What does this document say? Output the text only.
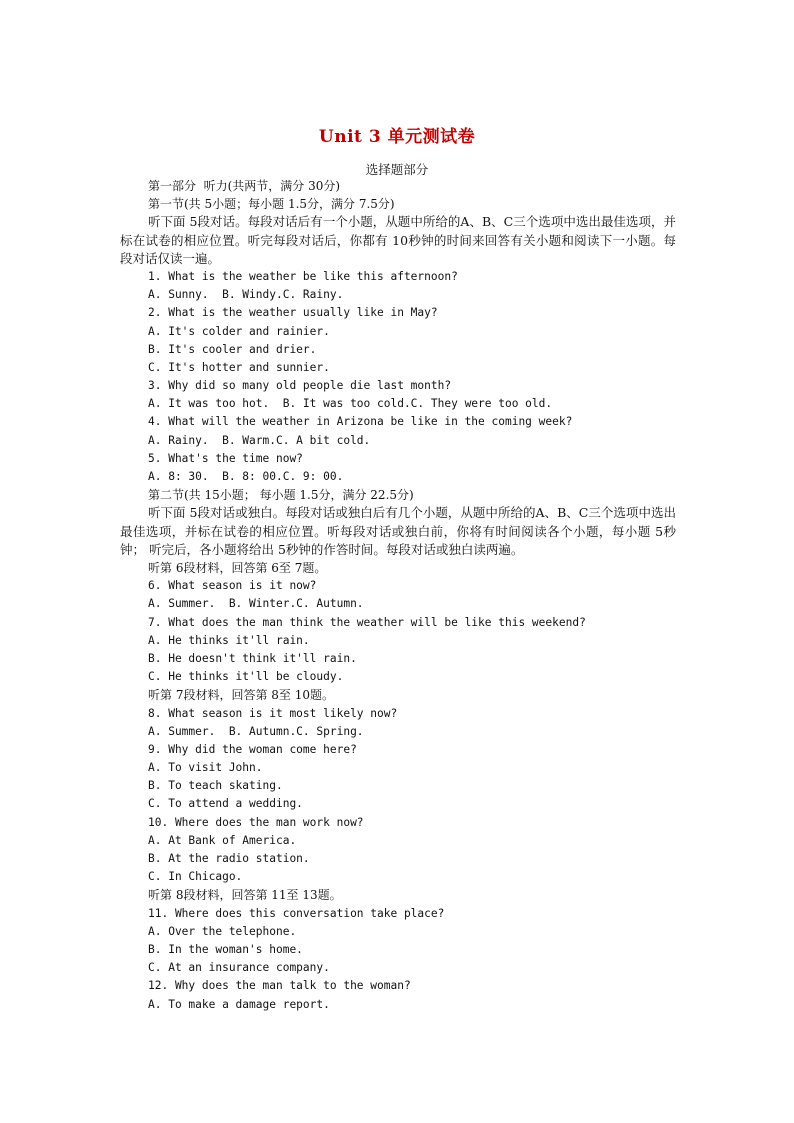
Unit 3 单元测试卷
选择题部分
第一部分  听力(共两节，满分 30分)
第一节(共 5小题；每小题 1.5分，满分 7.5分)
听下面 5段对话。每段对话后有一个小题，从题中所给的A、B、C三个选项中选出最佳选项，并标在试卷的相应位置。听完每段对话后，你都有 10秒钟的时间来回答有关小题和阅读下一小题。每段对话仅读一遍。
1. What is the weather be like this afternoon?
A. Sunny.  B. Windy.C. Rainy.
2. What is the weather usually like in May?
A. It's colder and rainier.
B. It's cooler and drier.
C. It's hotter and sunnier.
3. Why did so many old people die last month?
A. It was too hot.  B. It was too cold.C. They were too old.
4. What will the weather in Arizona be like in the coming week?
A. Rainy.  B. Warm.C. A bit cold.
5. What's the time now?
A. 8: 30.  B. 8: 00.C. 9: 00.
第二节(共 15小题； 每小题 1.5分，满分 22.5分)
听下面 5段对话或独白。每段对话或独白后有几个小题，从题中所给的A、B、C三个选项中选出最佳选项，并标在试卷的相应位置。听每段对话或独白前，你将有时间阅读各个小题，每小题 5秒钟； 听完后，各小题将给出 5秒钟的作答时间。每段对话或独白读两遍。
听第 6段材料，回答第 6至 7题。
6. What season is it now?
A. Summer.  B. Winter.C. Autumn.
7. What does the man think the weather will be like this weekend?
A. He thinks it'll rain.
B. He doesn't think it'll rain.
C. He thinks it'll be cloudy.
听第 7段材料，回答第 8至 10题。
8. What season is it most likely now?
A. Summer.  B. Autumn.C. Spring.
9. Why did the woman come here?
A. To visit John.
B. To teach skating.
C. To attend a wedding.
10. Where does the man work now?
A. At Bank of America.
B. At the radio station.
C. In Chicago.
听第 8段材料，回答第 11至 13题。
11. Where does this conversation take place?
A. Over the telephone.
B. In the woman's home.
C. At an insurance company.
12. Why does the man talk to the woman?
A. To make a damage report.
